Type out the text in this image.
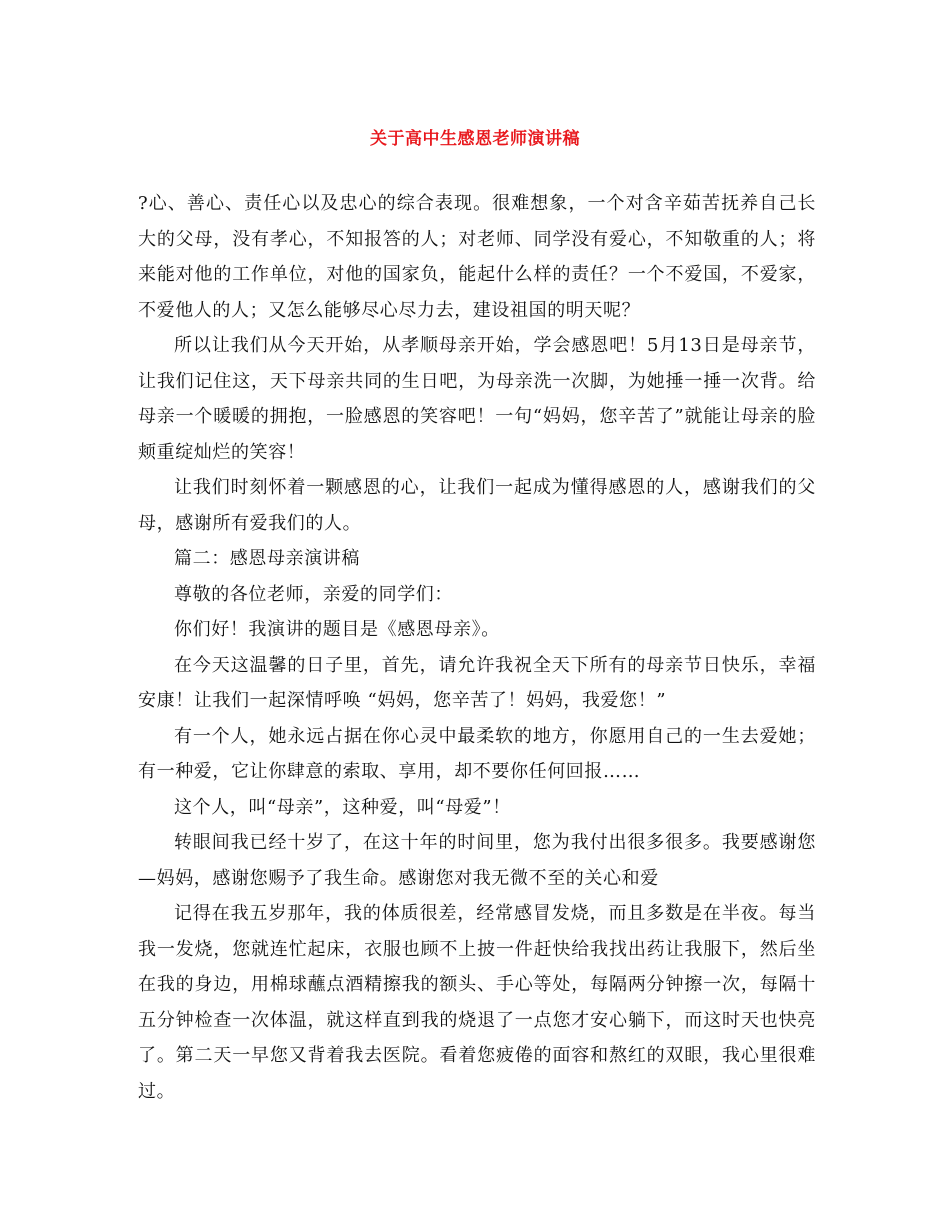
关于高中生感恩老师演讲稿

?心、善心、责任心以及忠心的综合表现。很难想象，一个对含辛茹苦抚养自己长大的父母，没有孝心，不知报答的人；对老师、同学没有爱心，不知敬重的人；将来能对他的工作单位，对他的国家负，能起什么样的责任？一个不爱国，不爱家，不爱他人的人；又怎么能够尽心尽力去，建设祖国的明天呢？

所以让我们从今天开始，从孝顺母亲开始，学会感恩吧！5月13日是母亲节，让我们记住这，天下母亲共同的生日吧，为母亲洗一次脚，为她捶一捶一次背。给母亲一个暖暖的拥抱，一脸感恩的笑容吧！一句“妈妈，您辛苦了”就能让母亲的脸颊重绽灿烂的笑容！

让我们时刻怀着一颗感恩的心，让我们一起成为懂得感恩的人，感谢我们的父母，感谢所有爱我们的人。

篇二：感恩母亲演讲稿

尊敬的各位老师，亲爱的同学们：

你们好！我演讲的题目是《感恩母亲》。

在今天这温馨的日子里，首先，请允许我祝全天下所有的母亲节日快乐，幸福安康！让我们一起深情呼唤 “妈妈，您辛苦了！妈妈，我爱您！”

有一个人，她永远占据在你心灵中最柔软的地方，你愿用自己的一生去爱她；有一种爱，它让你肆意的索取、享用，却不要你任何回报……

这个人，叫“母亲”，这种爱，叫“母爱”！

转眼间我已经十岁了，在这十年的时间里，您为我付出很多很多。我要感谢您—妈妈，感谢您赐予了我生命。感谢您对我无微不至的关心和爱

记得在我五岁那年，我的体质很差，经常感冒发烧，而且多数是在半夜。每当我一发烧，您就连忙起床，衣服也顾不上披一件赶快给我找出药让我服下，然后坐在我的身边，用棉球蘸点酒精擦我的额头、手心等处，每隔两分钟擦一次，每隔十五分钟检查一次体温，就这样直到我的烧退了一点您才安心躺下，而这时天也快亮了。第二天一早您又背着我去医院。看着您疲倦的面容和熬红的双眼，我心里很难过。
